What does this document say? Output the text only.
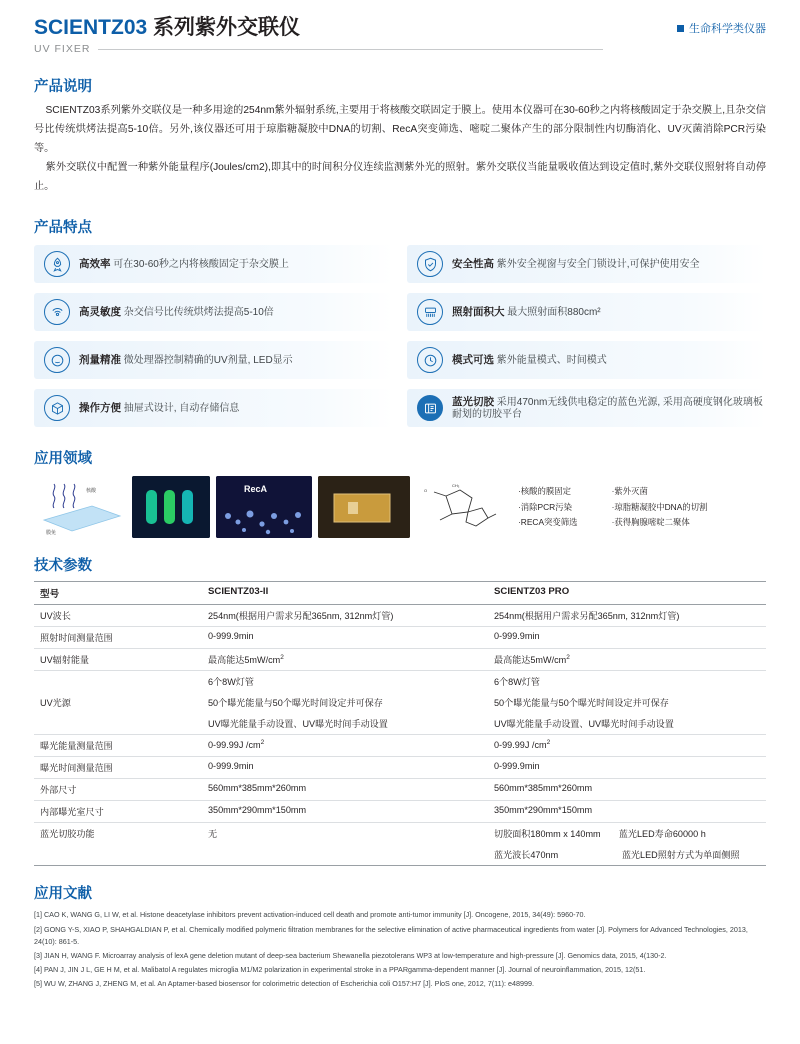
SCIENTZ03 系列紫外交联仪
UV FIXER
生命科学类仪器
产品说明
SCIENTZ03系列紫外交联仪是一种多用途的254nm紫外辐射系统,主要用于将核酸交联固定于膜上。使用本仪器可在30-60秒之内将核酸固定于杂交膜上,且杂交信号比传统烘烤法提高5-10倍。另外,该仪器还可用于琼脂糖凝胶中DNA的切割、RecA突变筛选、嘧啶二聚体产生的部分限制性内切酶消化、UV灭菌消除PCR污染等。
紫外交联仪中配置一种紫外能量程序(Joules/cm2),即其中的时间积分仪连续监测紫外光的照射。紫外交联仪当能量吸收值达到设定值时,紫外交联仪照射将自动停止。
产品特点
高效率 可在30-60秒之内将核酸固定于杂交膜上	安全性高 紫外安全视窗与安全门锁设计,可保护使用安全
高灵敏度 杂交信号比传统烘烤法提高5-10倍	照射面积大 最大照射面积880cm²
剂量精准 微处理器控制精确的UV剂量, LED显示	模式可选 紫外能量模式、时间模式
操作方便 抽屉式设计, 自动存储信息
蓝光切胶 采用470nm无线供电稳定的蓝色光源, 采用高硬度钢化玻璃板耐划的切胶平台
应用领域
核酸
膜免
RecA	CH₃
O	·核酸的膜固定
·消除PCR污染
·RECA突变筛选
·紫外灭菌
·琼脂糖凝胶中DNA的切割
·获得胸腺嘧啶二聚体
技术参数
型号	SCIENTZ03-II	SCIENTZ03 PRO
UV波长	254nm(根据用户需求另配365nm, 312nm灯管)	254nm(根据用户需求另配365nm, 312nm灯管)
照射时间测量范围	0-999.9min	0-999.9min
UV辐射能量	最高能达$5mW/cm^2$	最高能达$5mW/cm^2$
	6个8W灯管	6个8W灯管
UV光源	50个曝光能量与50个曝光时间设定并可保存	50个曝光能量与50个曝光时间设定并可保存
	UV曝光能量手动设置、UV曝光时间手动设置	UV曝光能量手动设置、UV曝光时间手动设置
曝光能量测量范围	0-99.99J $/cm^2$	0-99.99J $/cm^2$
曝光时间测量范围	0-999.9min	0-999.9min
外部尺寸	560mm*385mm*260mm	560mm*385mm*260mm
内部曝光室尺寸	350mm*290mm*150mm	350mm*290mm*150mm
蓝光切胶功能	无	切胶面积180mm x 140mm　　蓝光LED寿命60000 h
		蓝光波长470nm　　　　　　　蓝光LED照射方式为单面侧照
应用文献
[1] CAO K, WANG G, LI W, et al. Histone deacetylase inhibitors prevent activation-induced cell death and promote anti-tumor immunity [J]. Oncogene, 2015, 34(49): 5960-70.
[2] GONG Y-S, XIAO P, SHAHGALDIAN P, et al. Chemically modified polymeric filtration membranes for the selective elimination of active pharmaceutical ingredients from water [J]. Polymers for Advanced Technologies, 2013, 24(10): 861-5.
[3] JIAN H, WANG F. Microarray analysis of lexA gene deletion mutant of deep-sea bacterium Shewanella piezotolerans WP3 at low-temperature and high-pressure [J]. Genomics data, 2015, 4(130-2.
[4] PAN J, JIN J L, GE H M, et al. Malibatol A regulates microglia M1/M2 polarization in experimental stroke in a PPARgamma-dependent manner [J]. Journal of neuroinflammation, 2015, 12(51.
[5] WU W, ZHANG J, ZHENG M, et al. An Aptamer-based biosensor for colorimetric detection of Escherichia coli O157:H7 [J]. PloS one, 2012, 7(11): e48999.
